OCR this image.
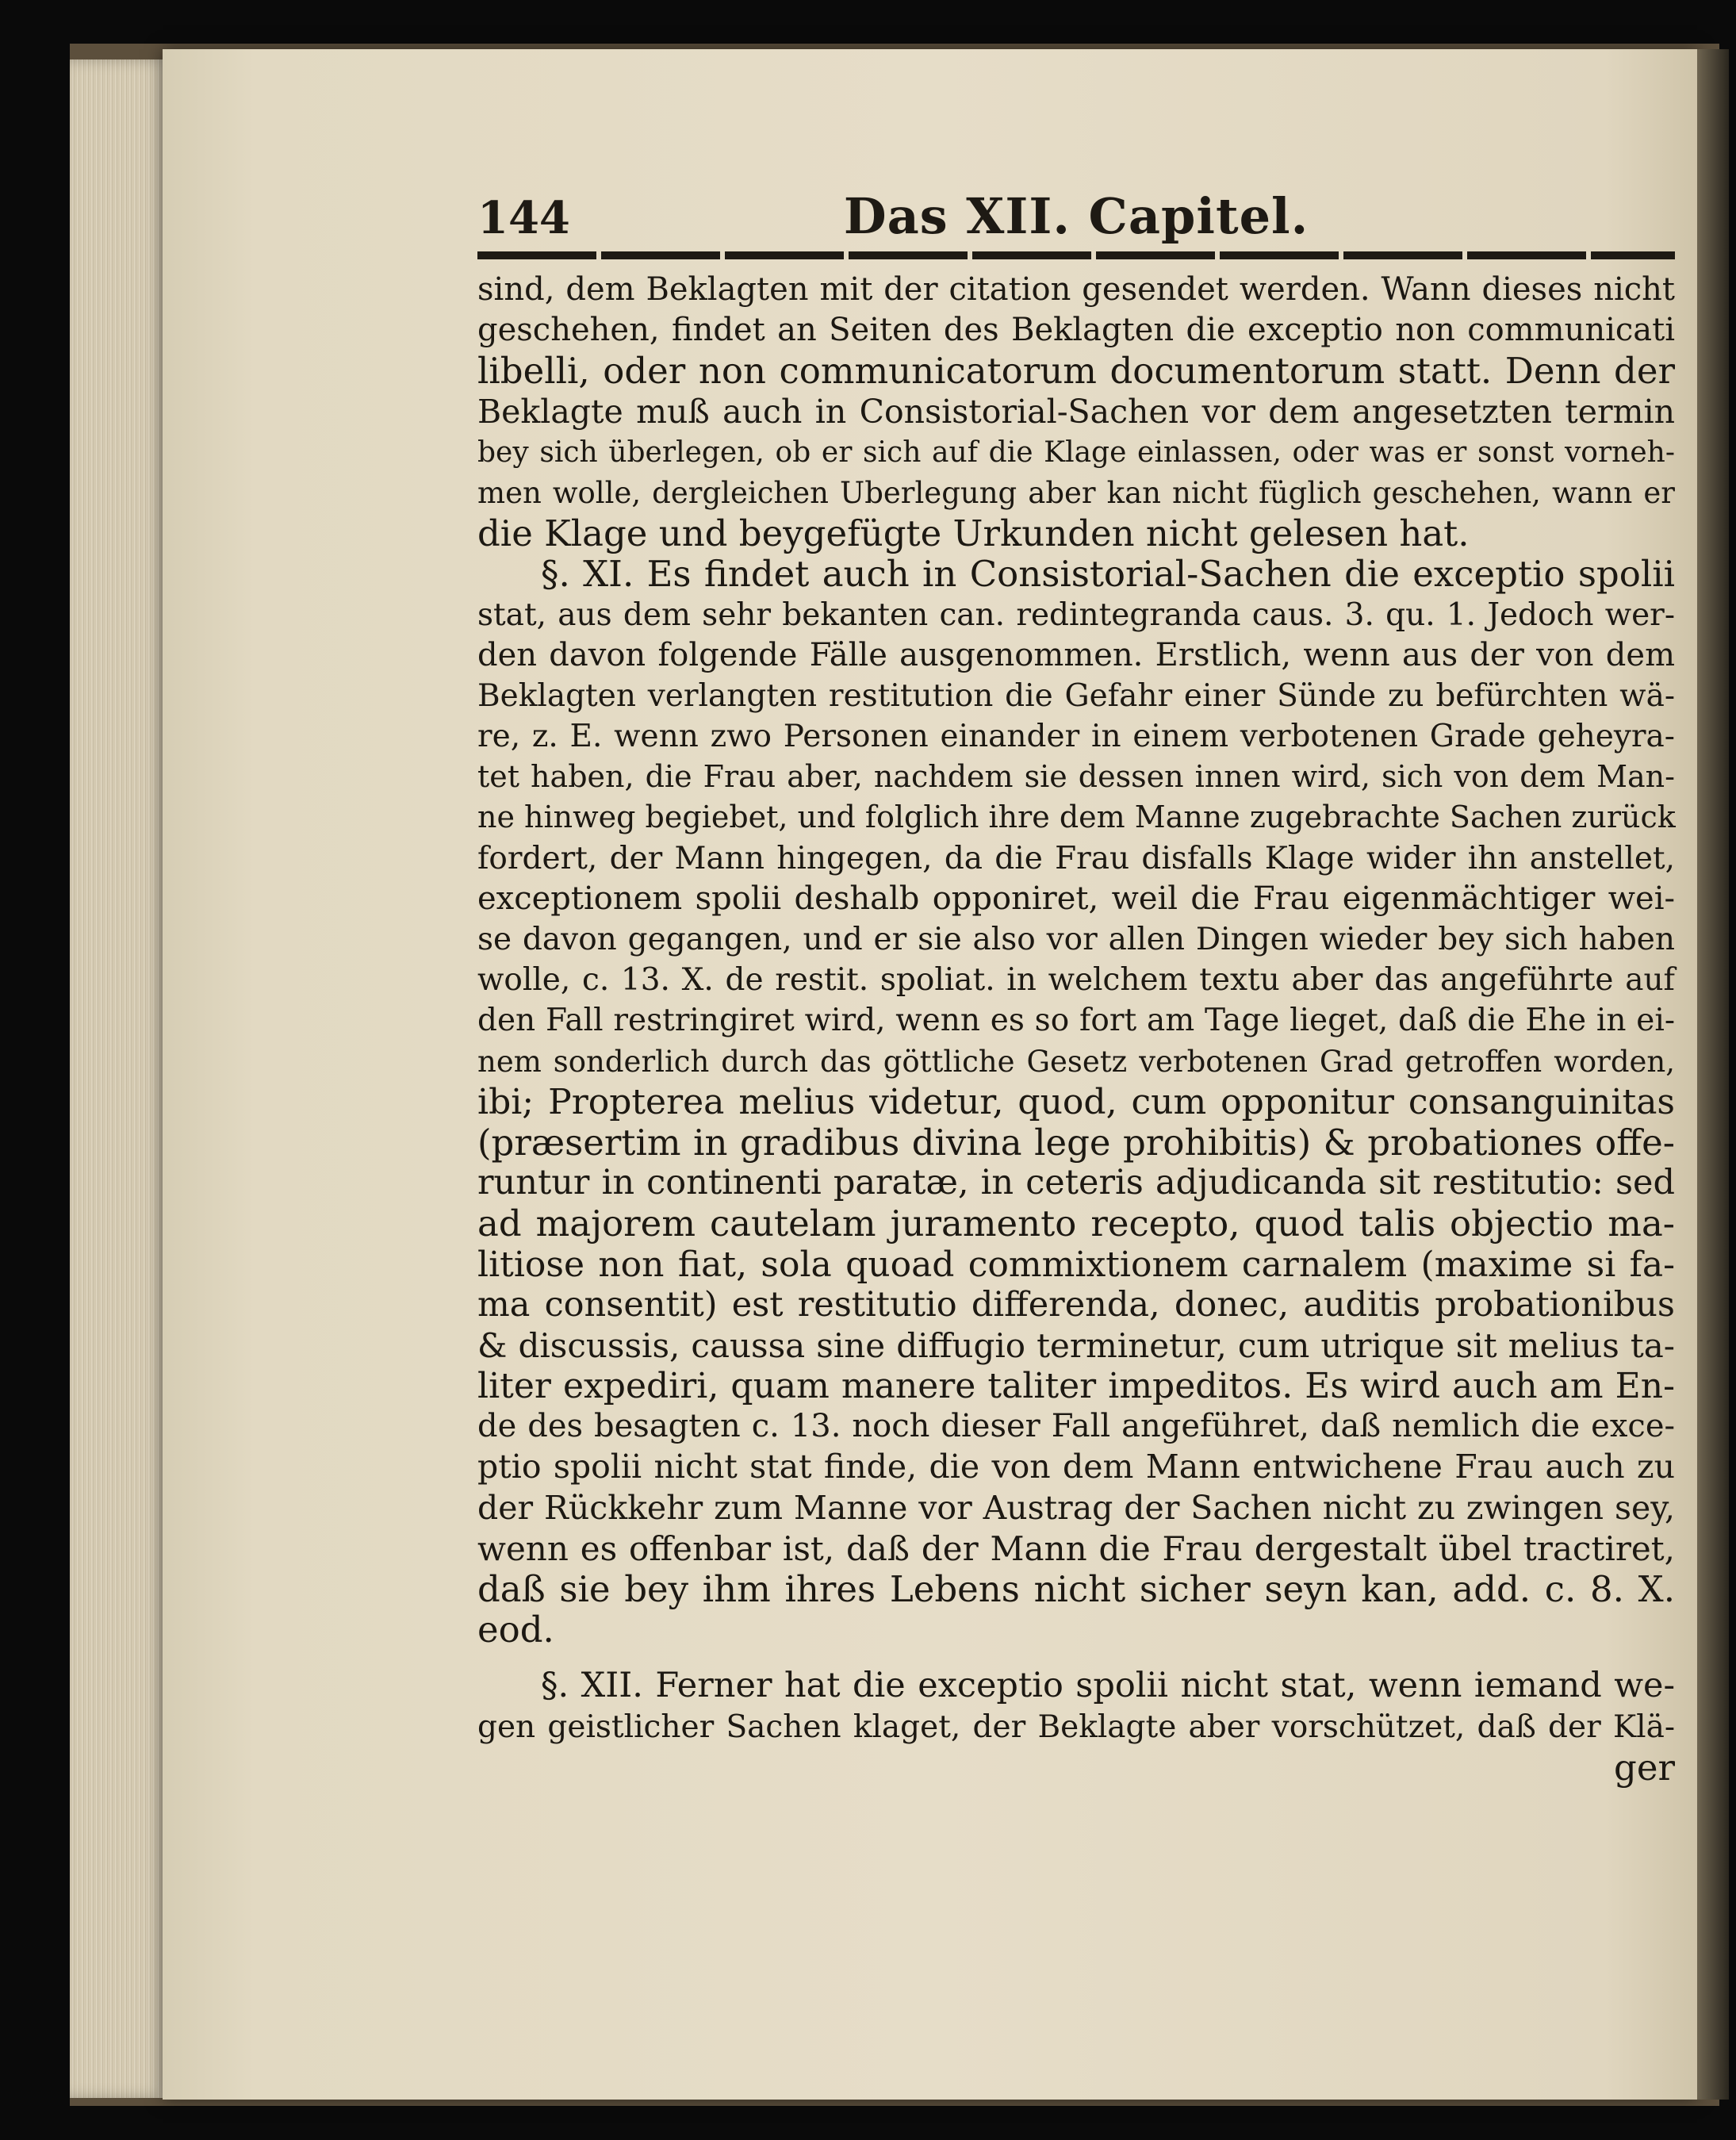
144	Das XII. Capitel.
sind, dem Beklagten mit der citation gesendet werden. Wann dieses nicht
geschehen, findet an Seiten des Beklagten die exceptio non communicati
libelli, oder non communicatorum documentorum statt. Denn der
Beklagte muß auch in Consistorial-Sachen vor dem angesetzten termin
bey sich überlegen, ob er sich auf die Klage einlassen, oder was er sonst vorneh-
men wolle, dergleichen Uberlegung aber kan nicht füglich geschehen, wann er
die Klage und beygefügte Urkunden nicht gelesen hat.
§. XI. Es findet auch in Consistorial-Sachen die exceptio spolii
stat, aus dem sehr bekanten can. redintegranda caus. 3. qu. 1. Jedoch wer-
den davon folgende Fälle ausgenommen. Erstlich, wenn aus der von dem
Beklagten verlangten restitution die Gefahr einer Sünde zu befürchten wä-
re, z. E. wenn zwo Personen einander in einem verbotenen Grade geheyra-
tet haben, die Frau aber, nachdem sie dessen innen wird, sich von dem Man-
ne hinweg begiebet, und folglich ihre dem Manne zugebrachte Sachen zurück
fordert, der Mann hingegen, da die Frau disfalls Klage wider ihn anstellet,
exceptionem spolii deshalb opponiret, weil die Frau eigenmächtiger wei-
se davon gegangen, und er sie also vor allen Dingen wieder bey sich haben
wolle, c. 13. X. de restit. spoliat. in welchem textu aber das angeführte auf
den Fall restringiret wird, wenn es so fort am Tage lieget, daß die Ehe in ei-
nem sonderlich durch das göttliche Gesetz verbotenen Grad getroffen worden,
ibi; Propterea melius videtur, quod, cum opponitur consanguinitas
(præsertim in gradibus divina lege prohibitis) & probationes offe-
runtur in continenti paratæ, in ceteris adjudicanda sit restitutio: sed
ad majorem cautelam juramento recepto, quod talis objectio ma-
litiose non fiat, sola quoad commixtionem carnalem (maxime si fa-
ma consentit) est restitutio differenda, donec, auditis probationibus
& discussis, caussa sine diffugio terminetur, cum utrique sit melius ta-
liter expediri, quam manere taliter impeditos. Es wird auch am En-
de des besagten c. 13. noch dieser Fall angeführet, daß nemlich die exce-
ptio spolii nicht stat finde, die von dem Mann entwichene Frau auch zu
der Rückkehr zum Manne vor Austrag der Sachen nicht zu zwingen sey,
wenn es offenbar ist, daß der Mann die Frau dergestalt übel tractiret,
daß sie bey ihm ihres Lebens nicht sicher seyn kan, add. c. 8. X.
eod.
§. XII. Ferner hat die exceptio spolii nicht stat, wenn iemand we-
gen geistlicher Sachen klaget, der Beklagte aber vorschützet, daß der Klä-
ger
